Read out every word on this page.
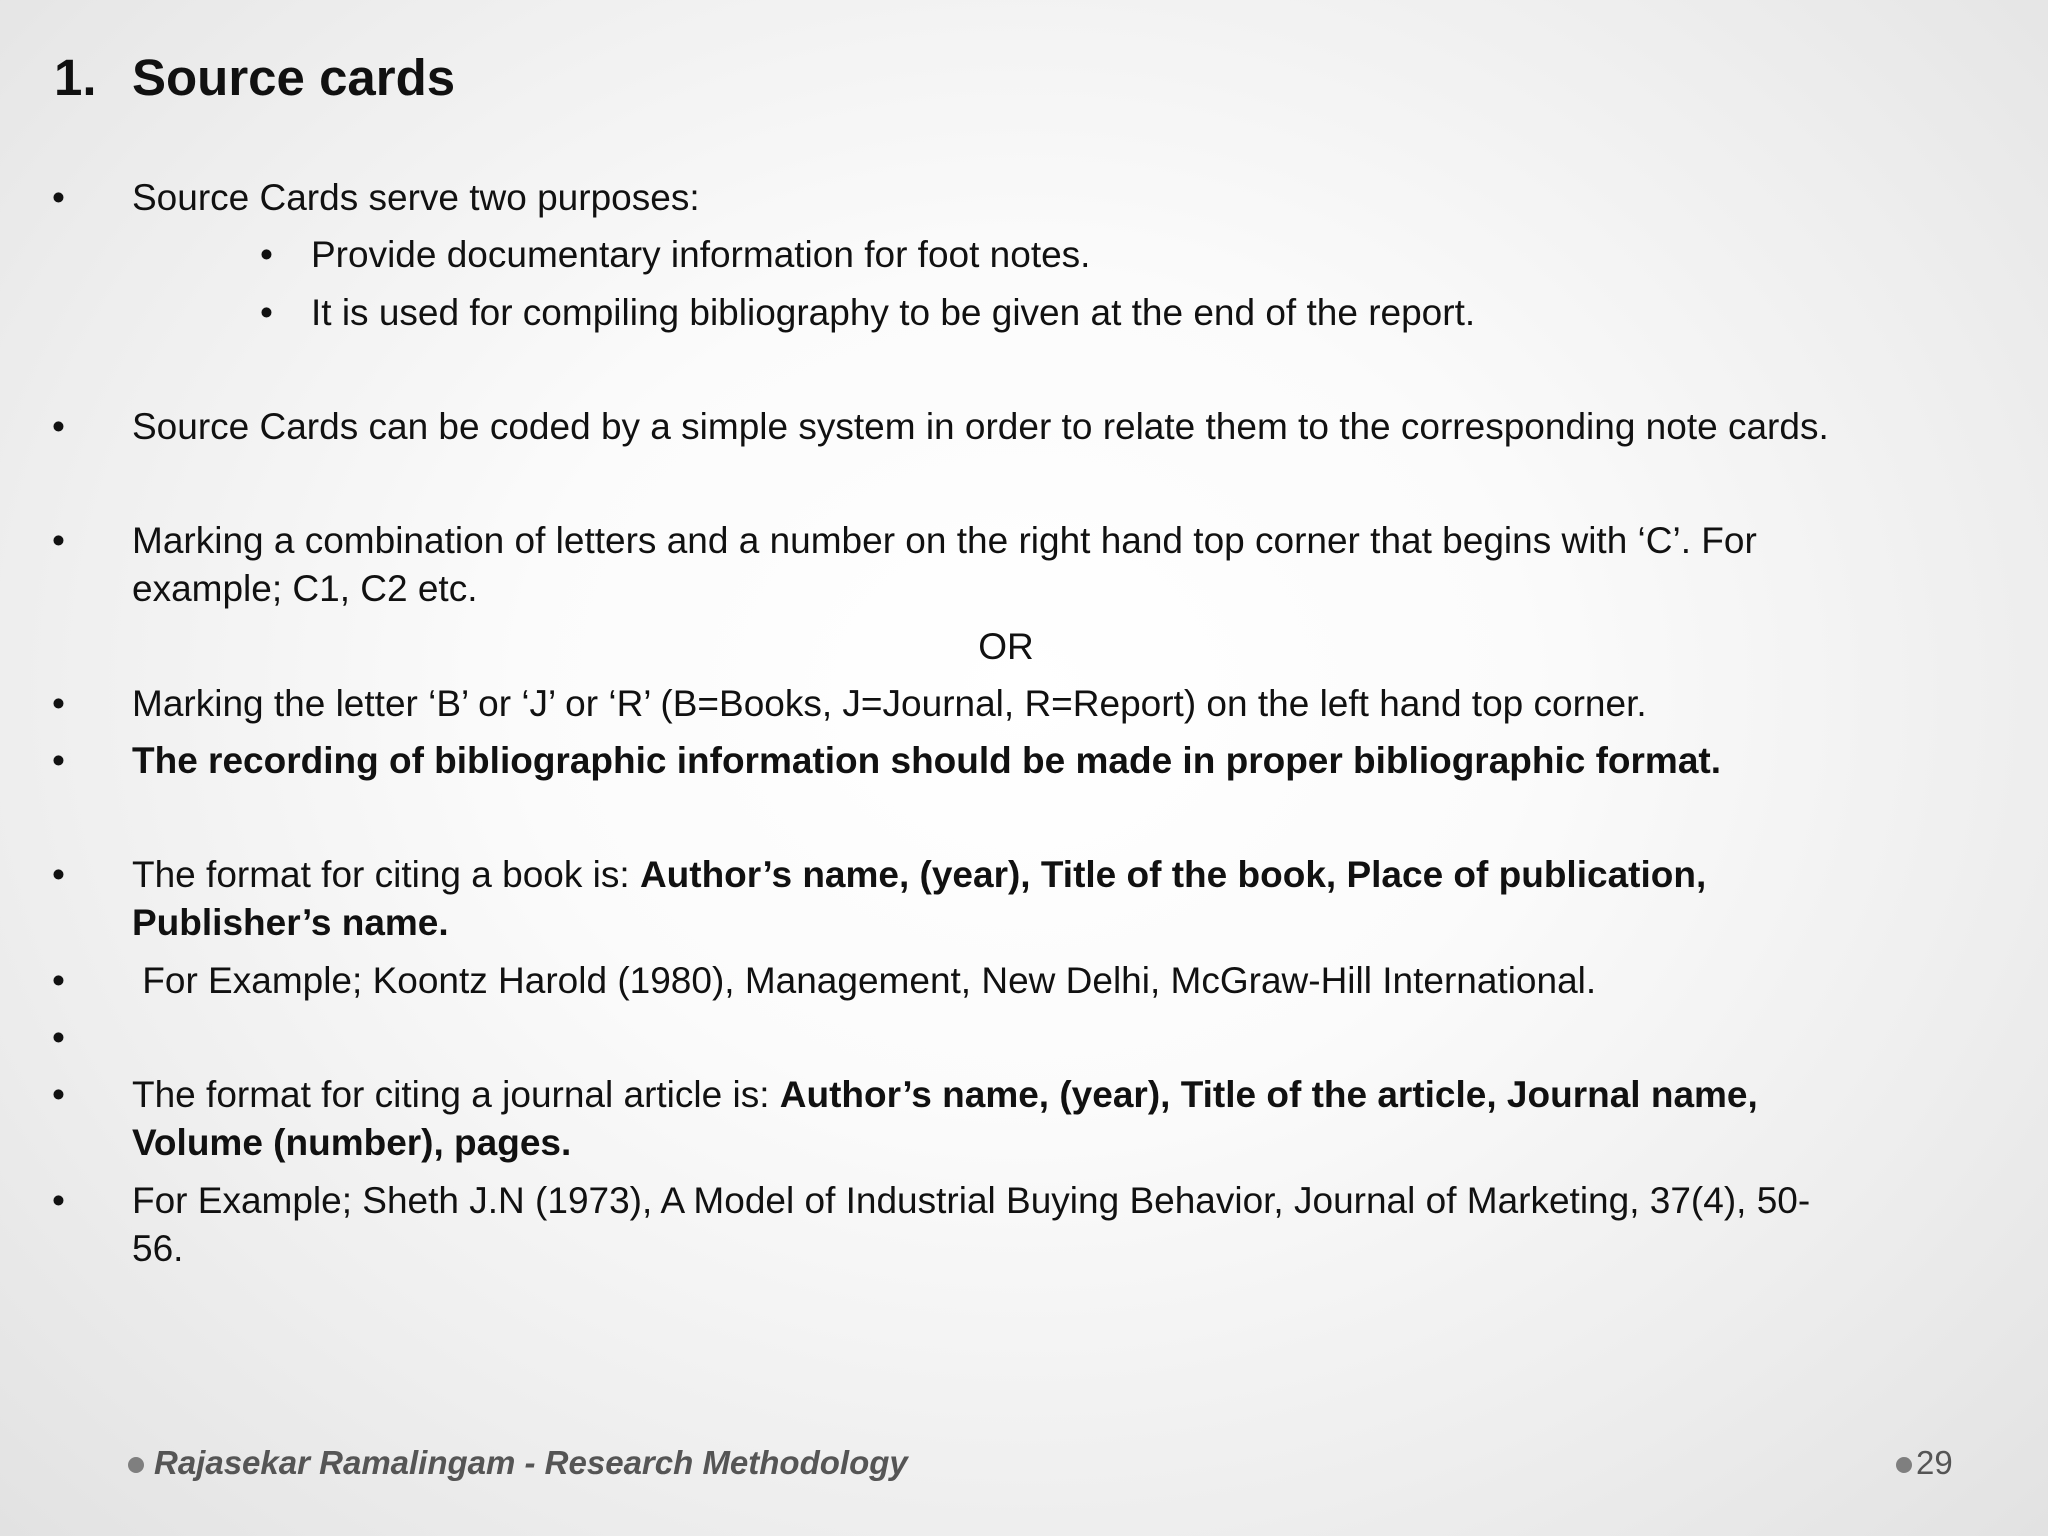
1. Source cards
• Source Cards serve two purposes:
• Provide documentary information for foot notes.
• It is used for compiling bibliography to be given at the end of the report.
• Source Cards can be coded by a simple system in order to relate them to the corresponding note cards.
• Marking a combination of letters and a number on the right hand top corner that begins with ‘C’. For
example; C1, C2 etc.
OR
• Marking the letter ‘B’ or ‘J’ or ‘R’ (B=Books, J=Journal, R=Report) on the left hand top corner.
• The recording of bibliographic information should be made in proper bibliographic format.
• The format for citing a book is: Author’s name, (year), Title of the book, Place of publication,
Publisher’s name.
• For Example; Koontz Harold (1980), Management, New Delhi, McGraw-Hill International.
•
• The format for citing a journal article is: Author’s name, (year), Title of the article, Journal name,
Volume (number), pages.
• For Example; Sheth J.N (1973), A Model of Industrial Buying Behavior, Journal of Marketing, 37(4), 50-
56.
Rajasekar Ramalingam - Research Methodology	29
